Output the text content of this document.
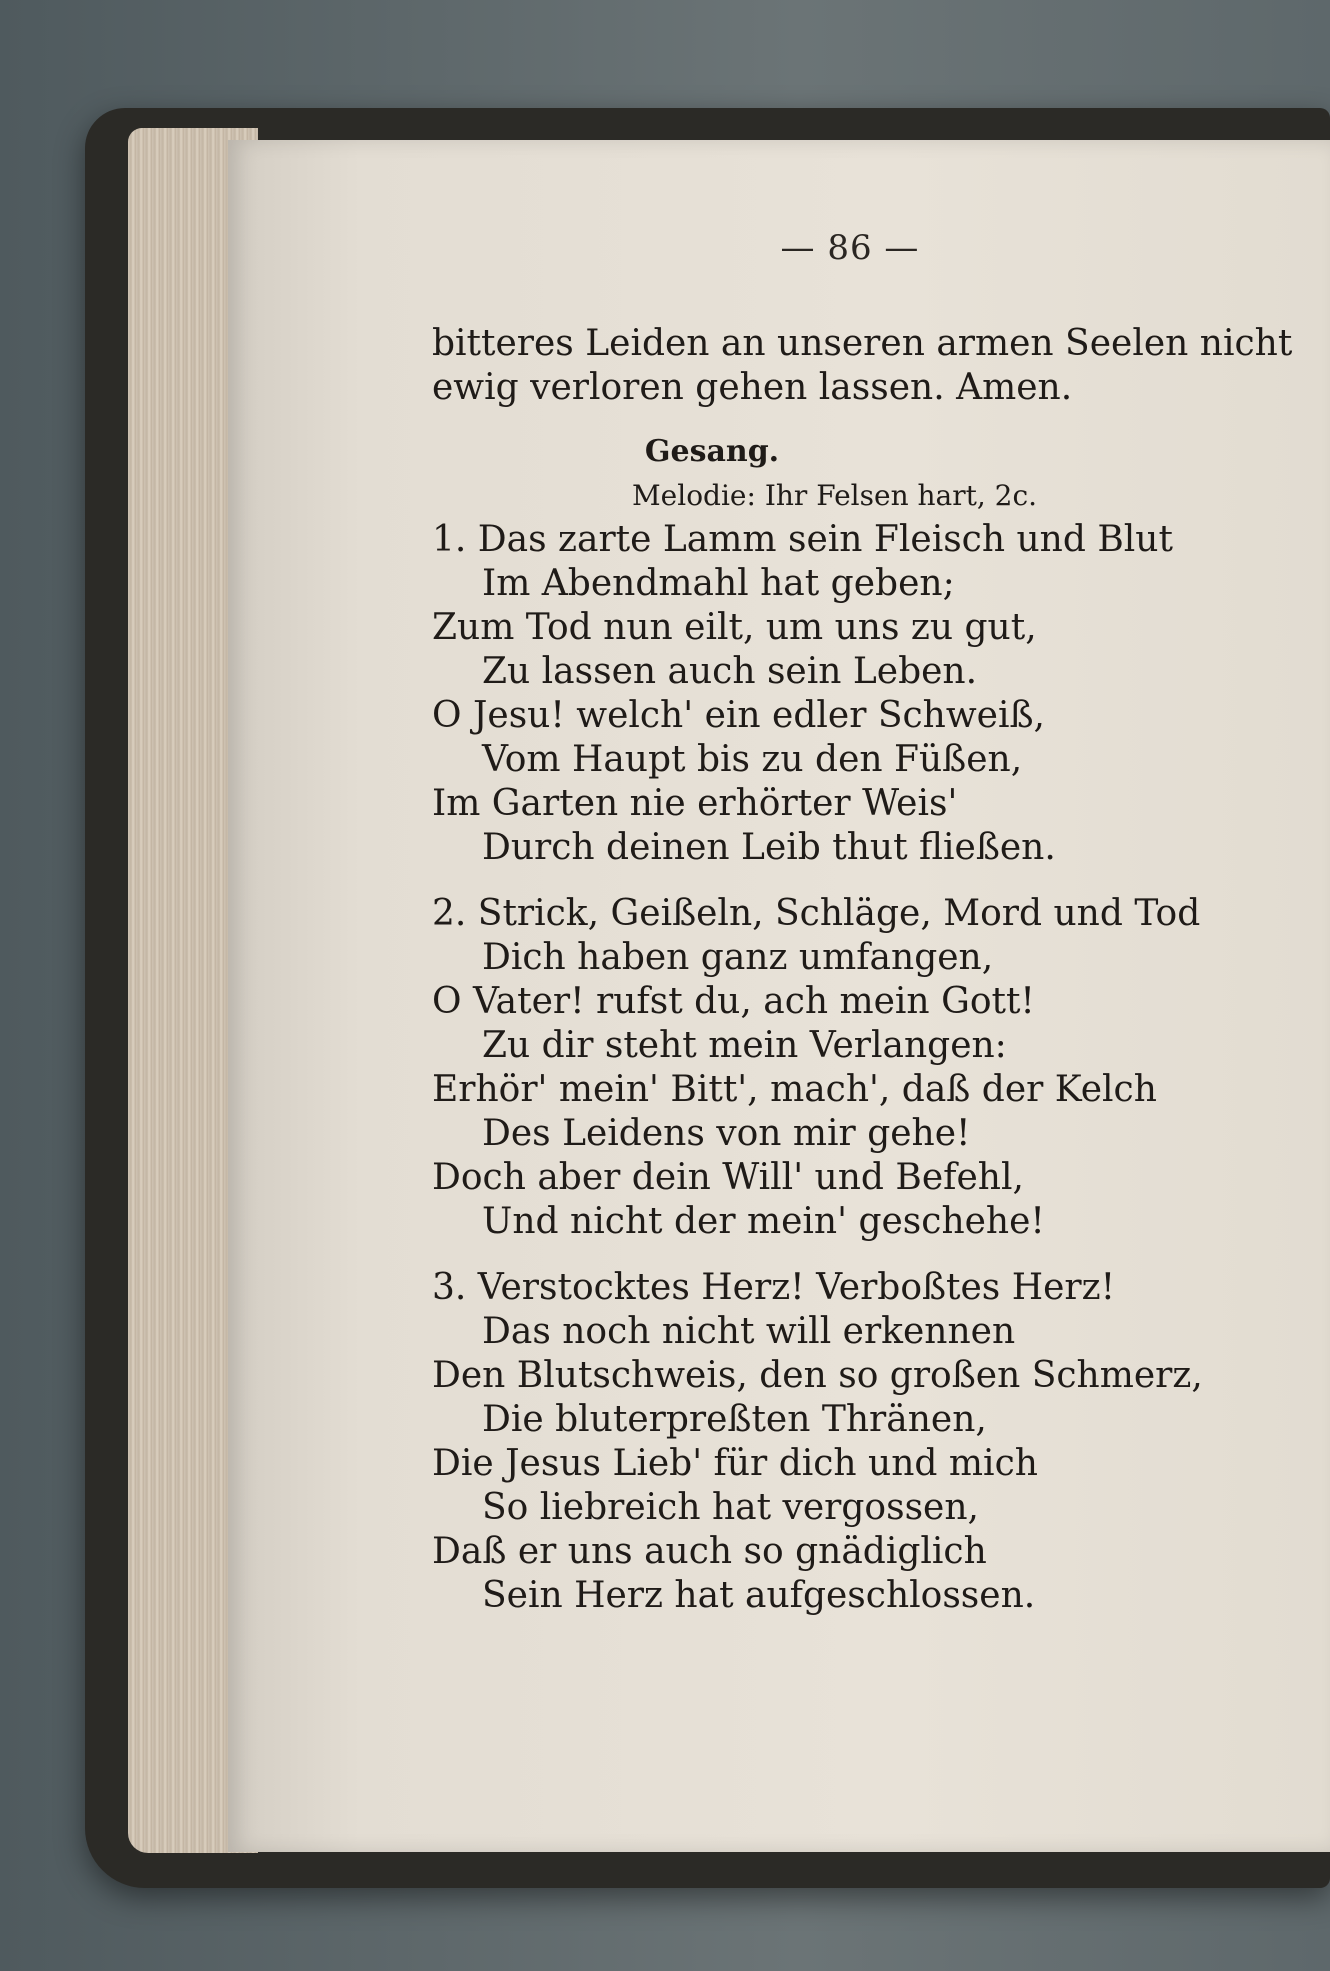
— 86 —
bitteres Leiden an unseren armen Seelen nicht
ewig verloren gehen lassen. Amen.
Gesang.
Melodie: Ihr Felsen hart, 2c.
1. Das zarte Lamm sein Fleisch und Blut
Im Abendmahl hat geben;
Zum Tod nun eilt, um uns zu gut,
Zu lassen auch sein Leben.
O Jesu! welch' ein edler Schweiß,
Vom Haupt bis zu den Füßen,
Im Garten nie erhörter Weis'
Durch deinen Leib thut fließen.
2. Strick, Geißeln, Schläge, Mord und Tod
Dich haben ganz umfangen,
O Vater! rufst du, ach mein Gott!
Zu dir steht mein Verlangen:
Erhör' mein' Bitt', mach', daß der Kelch
Des Leidens von mir gehe!
Doch aber dein Will' und Befehl,
Und nicht der mein' geschehe!
3. Verstocktes Herz! Verboßtes Herz!
Das noch nicht will erkennen
Den Blutschweis, den so großen Schmerz,
Die bluterpreßten Thränen,
Die Jesus Lieb' für dich und mich
So liebreich hat vergossen,
Daß er uns auch so gnädiglich
Sein Herz hat aufgeschlossen.
